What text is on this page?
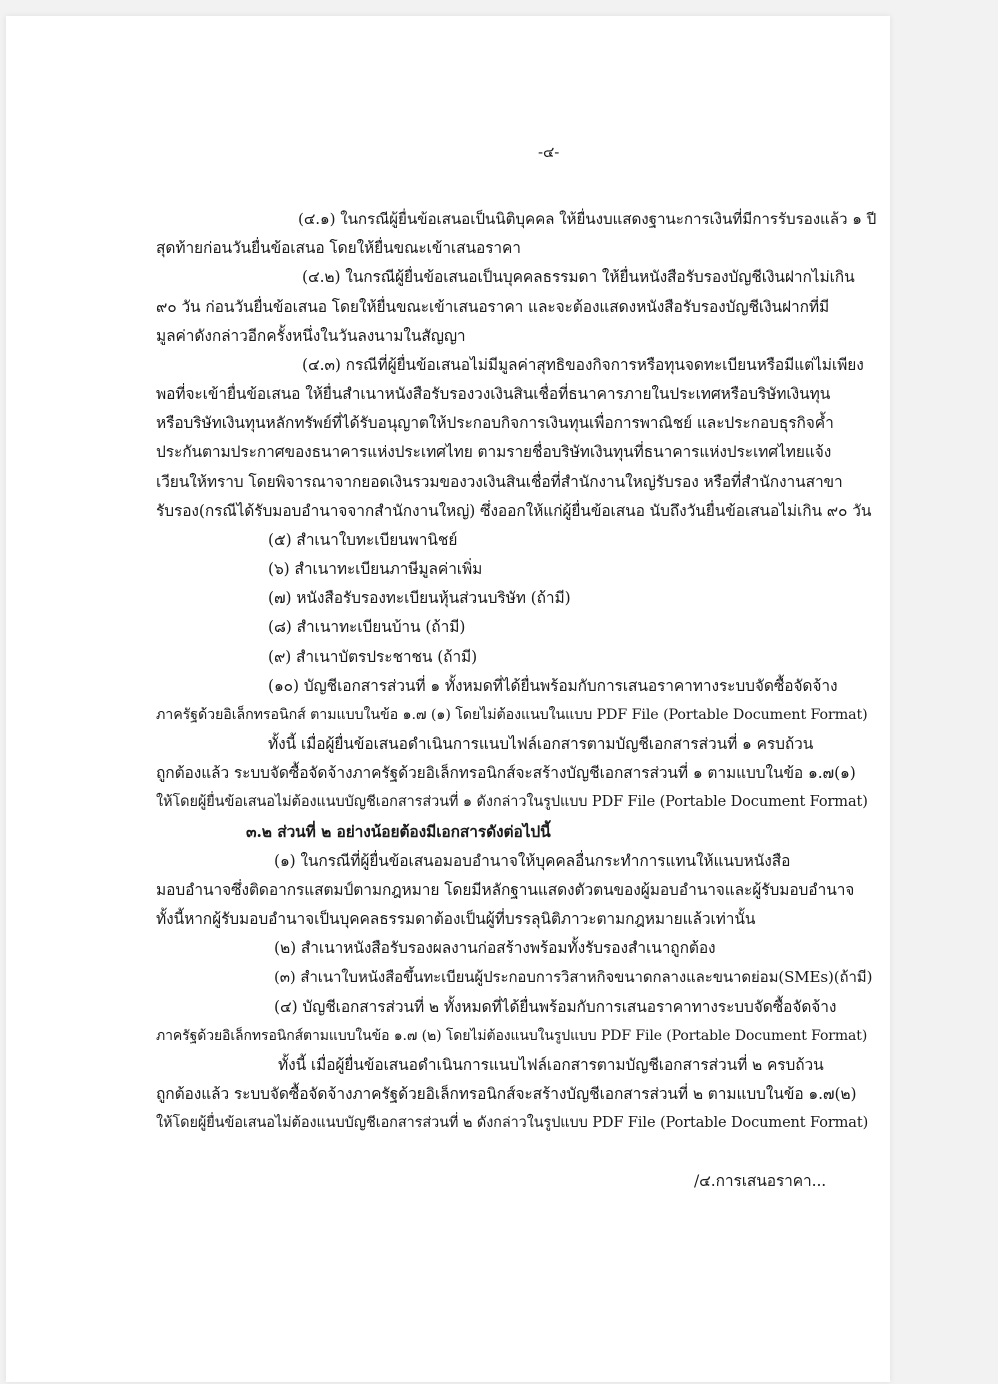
-๔-
(๔.๑) ในกรณีผู้ยื่นข้อเสนอเป็นนิติบุคคล ให้ยื่นงบแสดงฐานะการเงินที่มีการรับรองแล้ว ๑ ปี
สุดท้ายก่อนวันยื่นข้อเสนอ โดยให้ยื่นขณะเข้าเสนอราคา
(๔.๒) ในกรณีผู้ยื่นข้อเสนอเป็นบุคคลธรรมดา ให้ยื่นหนังสือรับรองบัญชีเงินฝากไม่เกิน
๙๐ วัน ก่อนวันยื่นข้อเสนอ โดยให้ยื่นขณะเข้าเสนอราคา และจะต้องแสดงหนังสือรับรองบัญชีเงินฝากที่มี
มูลค่าดังกล่าวอีกครั้งหนึ่งในวันลงนามในสัญญา
(๔.๓) กรณีที่ผู้ยื่นข้อเสนอไม่มีมูลค่าสุทธิของกิจการหรือทุนจดทะเบียนหรือมีแต่ไม่เพียง
พอที่จะเข้ายื่นข้อเสนอ ให้ยื่นสำเนาหนังสือรับรองวงเงินสินเชื่อที่ธนาคารภายในประเทศหรือบริษัทเงินทุน
หรือบริษัทเงินทุนหลักทรัพย์ที่ได้รับอนุญาตให้ประกอบกิจการเงินทุนเพื่อการพาณิชย์ และประกอบธุรกิจค้ำ
ประกันตามประกาศของธนาคารแห่งประเทศไทย ตามรายชื่อบริษัทเงินทุนที่ธนาคารแห่งประเทศไทยแจ้ง
เวียนให้ทราบ โดยพิจารณาจากยอดเงินรวมของวงเงินสินเชื่อที่สำนักงานใหญ่รับรอง หรือที่สำนักงานสาขา
รับรอง(กรณีได้รับมอบอำนาจจากสำนักงานใหญ่) ซึ่งออกให้แก่ผู้ยื่นข้อเสนอ นับถึงวันยื่นข้อเสนอไม่เกิน ๙๐ วัน
(๕) สำเนาใบทะเบียนพานิชย์
(๖) สำเนาทะเบียนภาษีมูลค่าเพิ่ม
(๗) หนังสือรับรองทะเบียนหุ้นส่วนบริษัท (ถ้ามี)
(๘) สำเนาทะเบียนบ้าน (ถ้ามี)
(๙) สำเนาบัตรประชาชน (ถ้ามี)
(๑๐) บัญชีเอกสารส่วนที่ ๑ ทั้งหมดที่ได้ยื่นพร้อมกับการเสนอราคาทางระบบจัดซื้อจัดจ้าง
ภาครัฐด้วยอิเล็กทรอนิกส์ ตามแบบในข้อ ๑.๗ (๑) โดยไม่ต้องแนบในแบบ PDF File (Portable Document Format)
ทั้งนี้ เมื่อผู้ยื่นข้อเสนอดำเนินการแนบไฟล์เอกสารตามบัญชีเอกสารส่วนที่ ๑ ครบถ้วน
ถูกต้องแล้ว ระบบจัดซื้อจัดจ้างภาครัฐด้วยอิเล็กทรอนิกส์จะสร้างบัญชีเอกสารส่วนที่ ๑ ตามแบบในข้อ ๑.๗(๑)
ให้โดยผู้ยื่นข้อเสนอไม่ต้องแนบบัญชีเอกสารส่วนที่ ๑ ดังกล่าวในรูปแบบ PDF File (Portable Document Format)
๓.๒ ส่วนที่ ๒ อย่างน้อยต้องมีเอกสารดังต่อไปนี้
(๑) ในกรณีที่ผู้ยื่นข้อเสนอมอบอำนาจให้บุคคลอื่นกระทำการแทนให้แนบหนังสือ
มอบอำนาจซึ่งติดอากรแสตมป์ตามกฎหมาย โดยมีหลักฐานแสดงตัวตนของผู้มอบอำนาจและผู้รับมอบอำนาจ
ทั้งนี้หากผู้รับมอบอำนาจเป็นบุคคลธรรมดาต้องเป็นผู้ที่บรรลุนิติภาวะตามกฎหมายแล้วเท่านั้น
(๒) สำเนาหนังสือรับรองผลงานก่อสร้างพร้อมทั้งรับรองสำเนาถูกต้อง
(๓) สำเนาใบหนังสือขึ้นทะเบียนผู้ประกอบการวิสาหกิจขนาดกลางและขนาดย่อม(SMEs)(ถ้ามี)
(๔) บัญชีเอกสารส่วนที่ ๒ ทั้งหมดที่ได้ยื่นพร้อมกับการเสนอราคาทางระบบจัดซื้อจัดจ้าง
ภาครัฐด้วยอิเล็กทรอนิกส์ตามแบบในข้อ ๑.๗ (๒) โดยไม่ต้องแนบในรูปแบบ PDF File (Portable Document Format)
ทั้งนี้ เมื่อผู้ยื่นข้อเสนอดำเนินการแนบไฟล์เอกสารตามบัญชีเอกสารส่วนที่ ๒ ครบถ้วน
ถูกต้องแล้ว ระบบจัดซื้อจัดจ้างภาครัฐด้วยอิเล็กทรอนิกส์จะสร้างบัญชีเอกสารส่วนที่ ๒ ตามแบบในข้อ ๑.๗(๒)
ให้โดยผู้ยื่นข้อเสนอไม่ต้องแนบบัญชีเอกสารส่วนที่ ๒ ดังกล่าวในรูปแบบ PDF File (Portable Document Format)
/๔.การเสนอราคา...
